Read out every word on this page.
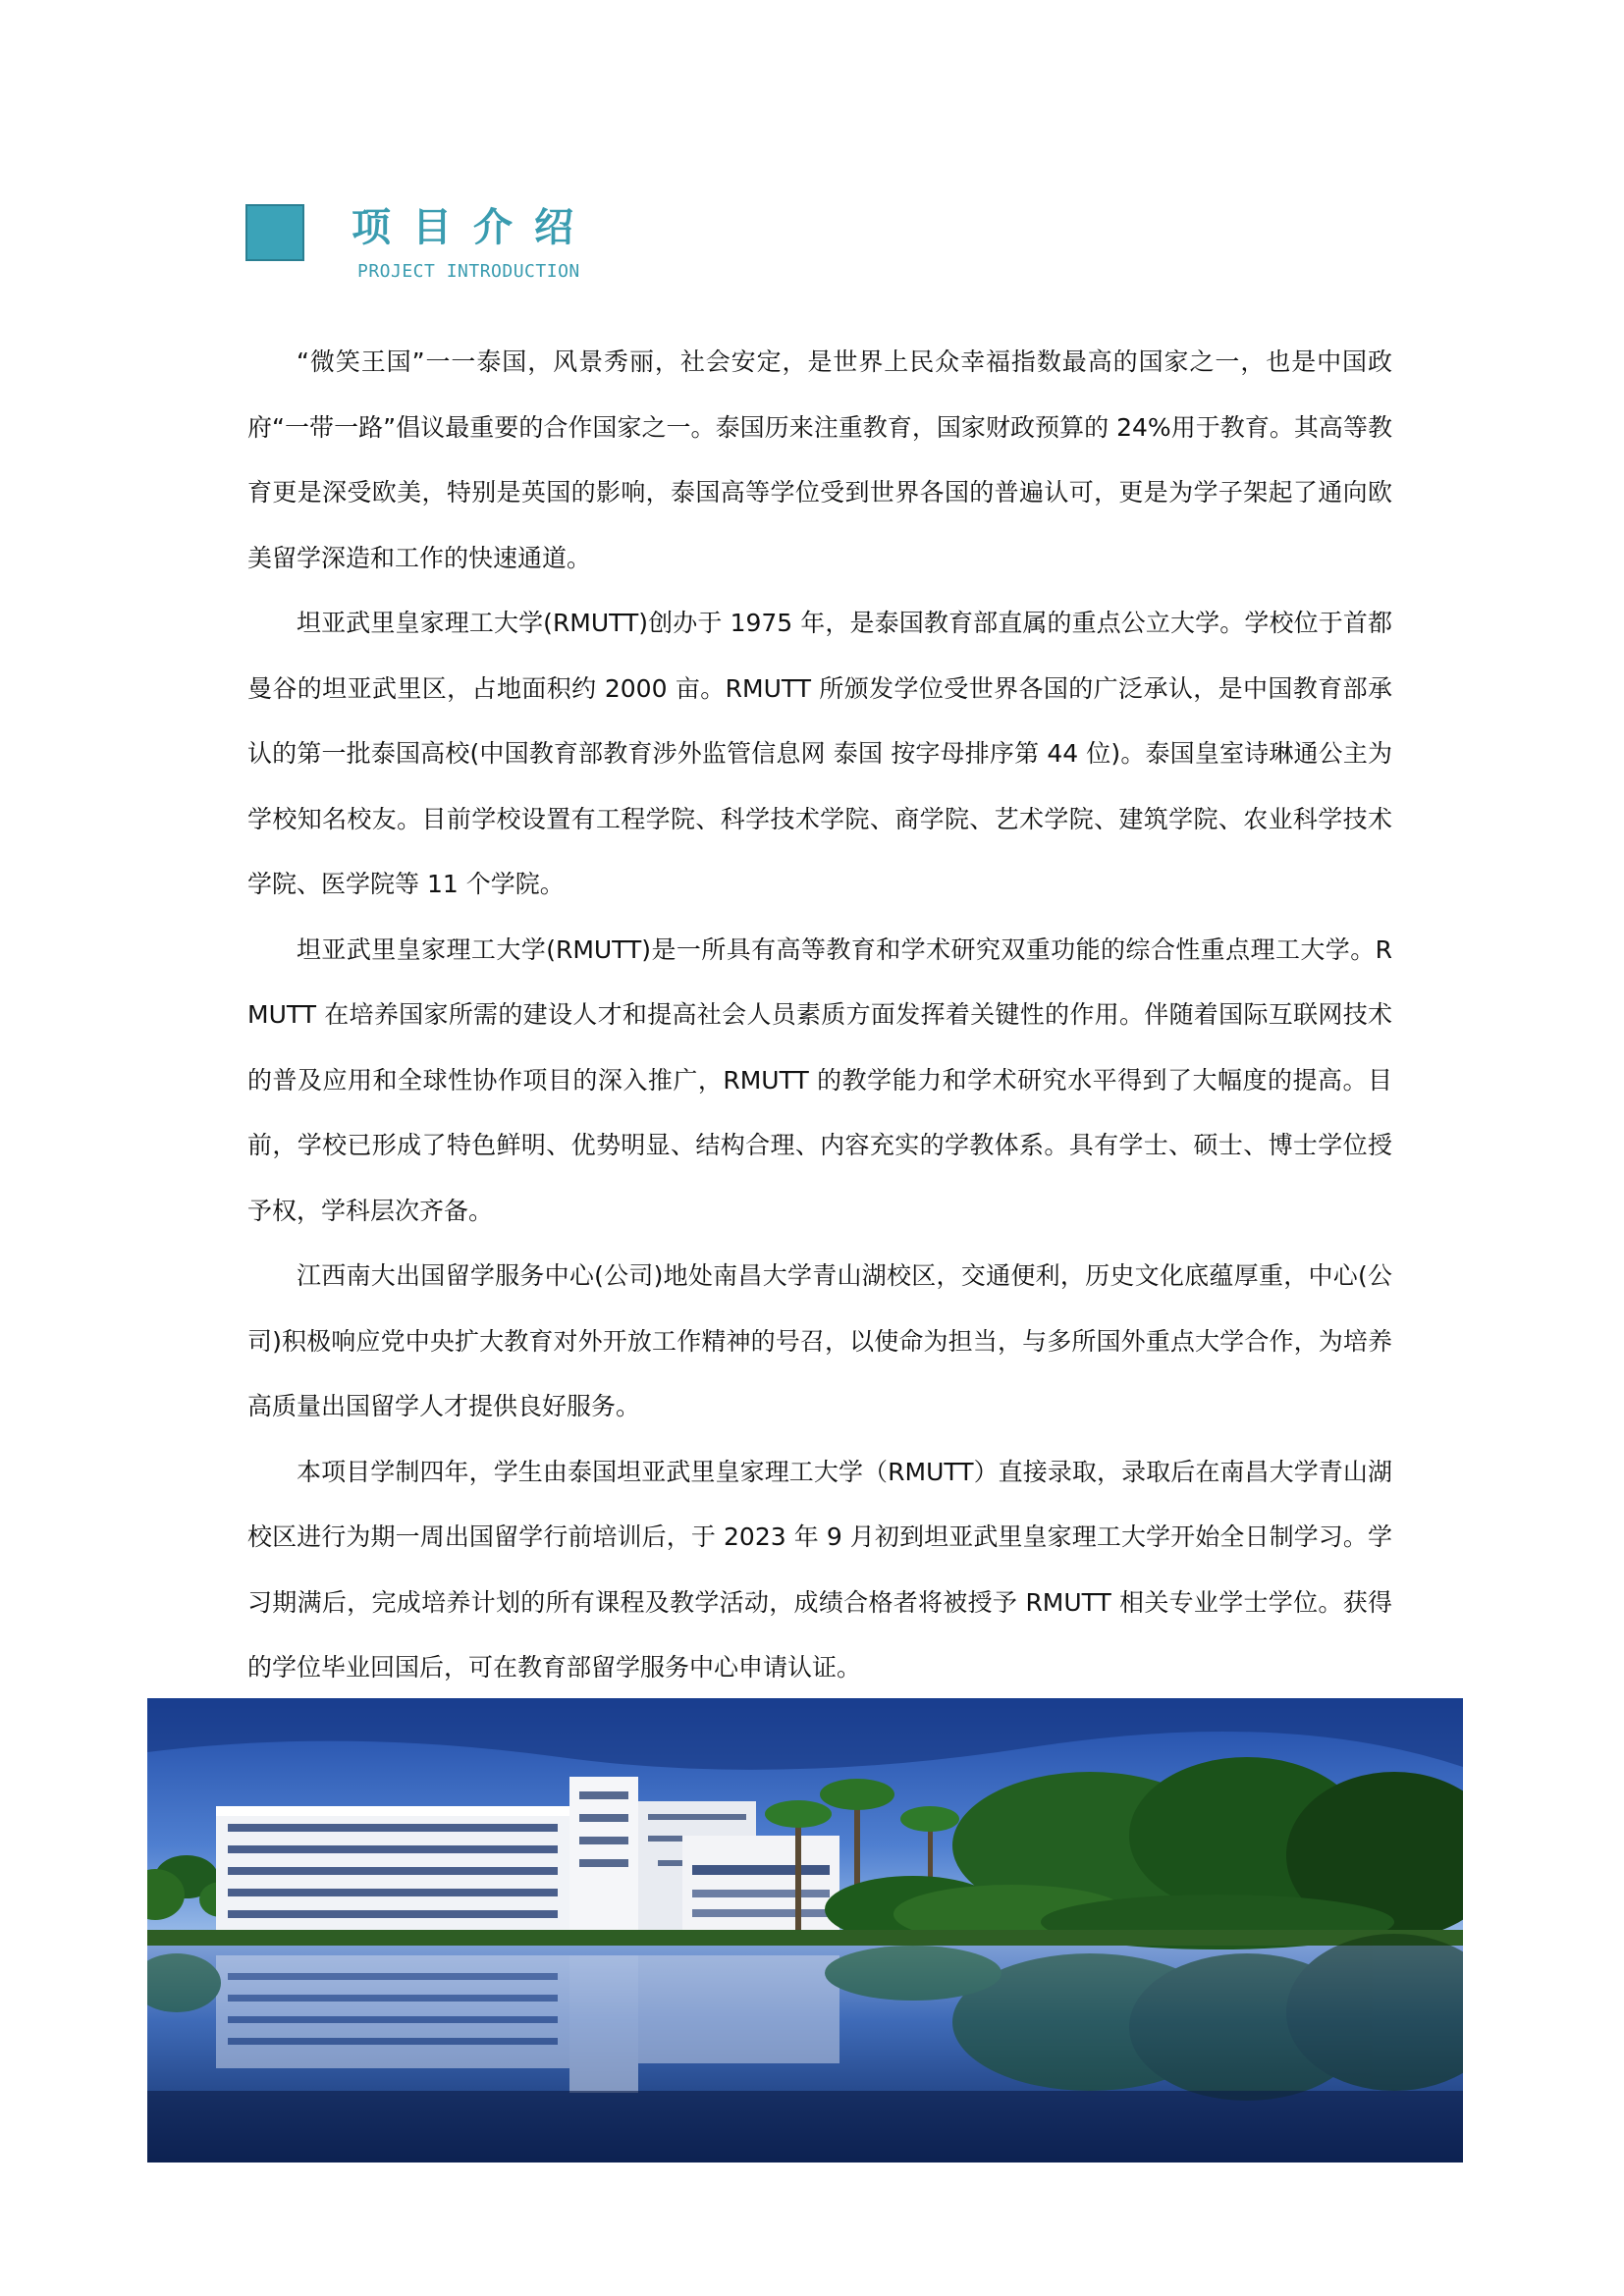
项目介绍
PROJECT INTRODUCTION

“微笑王国”一一泰国，风景秀丽，社会安定，是世界上民众幸福指数最高的国家之一，也是中国政府“一带一路”倡议最重要的合作国家之一。泰国历来注重教育，国家财政预算的 24%用于教育。其高等教育更是深受欧美，特别是英国的影响，泰国高等学位受到世界各国的普遍认可，更是为学子架起了通向欧美留学深造和工作的快速通道。

坦亚武里皇家理工大学(RMUTT)创办于 1975 年，是泰国教育部直属的重点公立大学。学校位于首都曼谷的坦亚武里区，占地面积约 2000 亩。RMUTT 所颁发学位受世界各国的广泛承认，是中国教育部承认的第一批泰国高校(中国教育部教育涉外监管信息网 泰国 按字母排序第 44 位)。泰国皇室诗琳通公主为学校知名校友。目前学校设置有工程学院、科学技术学院、商学院、艺术学院、建筑学院、农业科学技术学院、医学院等 11 个学院。

坦亚武里皇家理工大学(RMUTT)是一所具有高等教育和学术研究双重功能的综合性重点理工大学。RMUTT 在培养国家所需的建设人才和提高社会人员素质方面发挥着关键性的作用。伴随着国际互联网技术的普及应用和全球性协作项目的深入推广，RMUTT 的教学能力和学术研究水平得到了大幅度的提高。目前，学校已形成了特色鲜明、优势明显、结构合理、内容充实的学教体系。具有学士、硕士、博士学位授予权，学科层次齐备。

江西南大出国留学服务中心(公司)地处南昌大学青山湖校区，交通便利，历史文化底蕴厚重，中心(公司)积极响应党中央扩大教育对外开放工作精神的号召，以使命为担当，与多所国外重点大学合作，为培养高质量出国留学人才提供良好服务。

本项目学制四年，学生由泰国坦亚武里皇家理工大学（RMUTT）直接录取，录取后在南昌大学青山湖校区进行为期一周出国留学行前培训后，于 2023 年 9 月初到坦亚武里皇家理工大学开始全日制学习。学习期满后，完成培养计划的所有课程及教学活动，成绩合格者将被授予 RMUTT 相关专业学士学位。获得的学位毕业回国后，可在教育部留学服务中心申请认证。
